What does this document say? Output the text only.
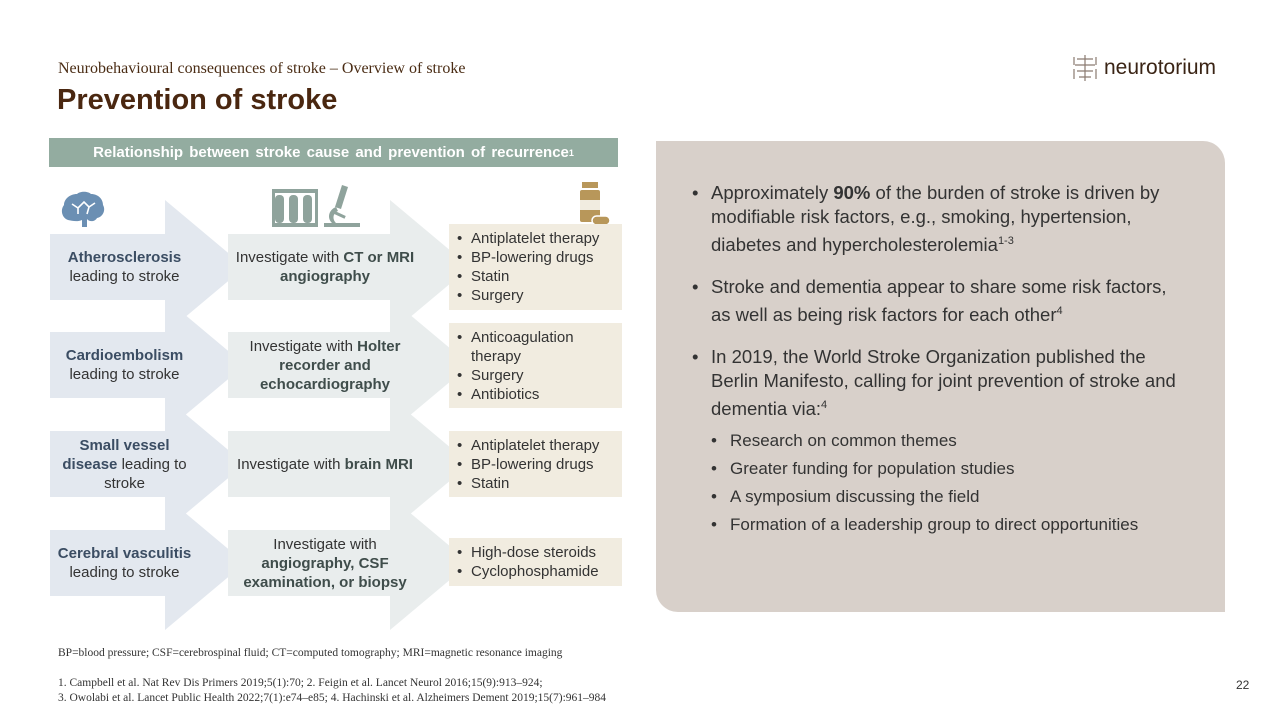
Neurobehavioural consequences of stroke – Overview of stroke
Prevention of stroke
neurotorium
Relationship between stroke cause and prevention of recurrence 1
Atherosclerosis leading to stroke
Investigate with CT or MRI angiography
• Antiplatelet therapy
• BP-lowering drugs
• Statin
• Surgery
Cardioembolism leading to stroke
Investigate with Holter recorder and echocardiography
• Anticoagulation therapy
• Surgery
• Antibiotics
Small vessel disease leading to stroke
Investigate with brain MRI
• Antiplatelet therapy
• BP-lowering drugs
• Statin
Cerebral vasculitis leading to stroke
Investigate with angiography, CSF examination, or biopsy
• High-dose steroids
• Cyclophosphamide
• Approximately 90% of the burden of stroke is driven by modifiable risk factors, e.g., smoking, hypertension, diabetes and hypercholesterolemia$^{1-3}$
• Stroke and dementia appear to share some risk factors, as well as being risk factors for each other$^4$
• In 2019, the World Stroke Organization published the Berlin Manifesto, calling for joint prevention of stroke and dementia via:$^4$
• Research on common themes
• Greater funding for population studies
• A symposium discussing the field
• Formation of a leadership group to direct opportunities
BP=blood pressure; CSF=cerebrospinal fluid; CT=computed tomography; MRI=magnetic resonance imaging
1. Campbell et al. Nat Rev Dis Primers 2019;5(1):70; 2. Feigin et al. Lancet Neurol 2016;15(9):913–924;
3. Owolabi et al. Lancet Public Health 2022;7(1):e74–e85; 4. Hachinski et al. Alzheimers Dement 2019;15(7):961–984
22
